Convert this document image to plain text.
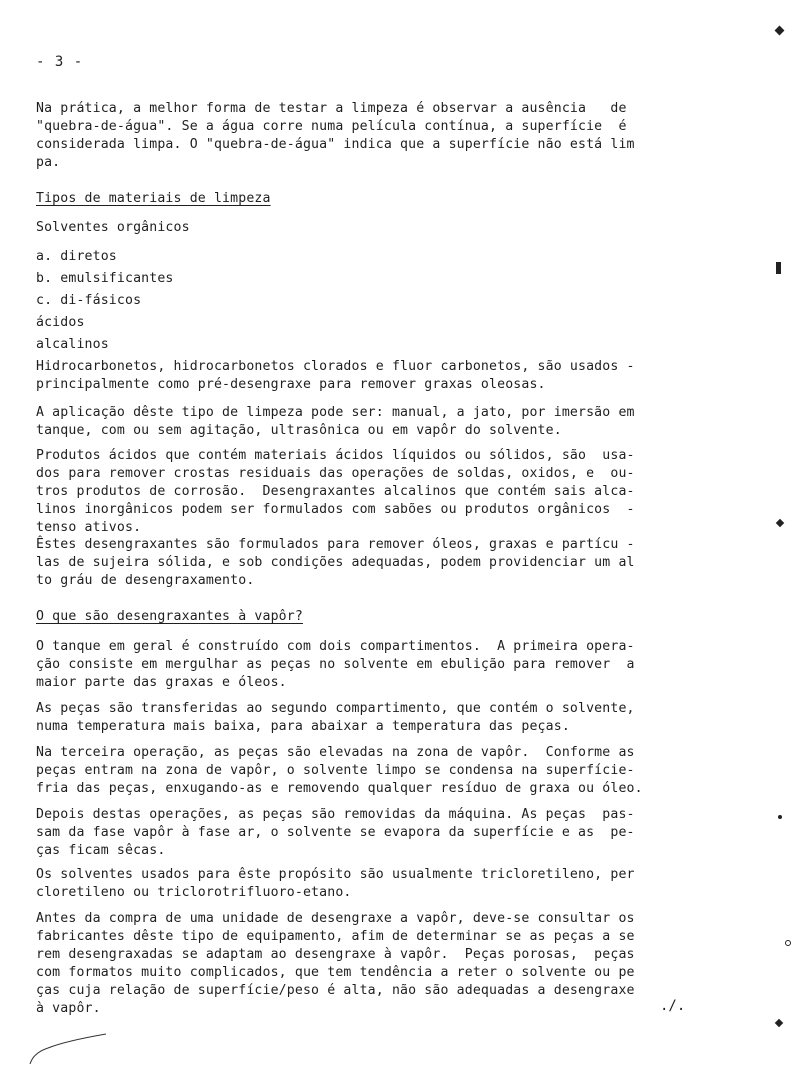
- 3 -
Na prática, a melhor forma de testar a limpeza é observar a ausência   de
"quebra-de-água". Se a água corre numa película contínua, a superfície  é
considerada limpa. O "quebra-de-água" indica que a superfície não está lim
pa.
Tipos de materiais de limpeza
Solventes orgânicos
a. diretos
b. emulsificantes
c. di-fásicos
ácidos
alcalinos
Hidrocarbonetos, hidrocarbonetos clorados e fluor carbonetos, são usados -
principalmente como pré-desengraxe para remover graxas oleosas.
A aplicação dêste tipo de limpeza pode ser: manual, a jato, por imersão em
tanque, com ou sem agitação, ultrasônica ou em vapôr do solvente.
Produtos ácidos que contém materiais ácidos líquidos ou sólidos, são  usa-
dos para remover crostas residuais das operações de soldas, oxidos, e  ou-
tros produtos de corrosão.  Desengraxantes alcalinos que contém sais alca-
linos inorgânicos podem ser formulados com sabões ou produtos orgânicos  -
tenso ativos.
Êstes desengraxantes são formulados para remover óleos, graxas e partícu -
las de sujeira sólida, e sob condições adequadas, podem providenciar um al
to gráu de desengraxamento.
O que são desengraxantes à vapôr?
O tanque em geral é construído com dois compartimentos.  A primeira opera-
ção consiste em mergulhar as peças no solvente em ebulição para remover  a
maior parte das graxas e óleos.
As peças são transferidas ao segundo compartimento, que contém o solvente,
numa temperatura mais baixa, para abaixar a temperatura das peças.
Na terceira operação, as peças são elevadas na zona de vapôr.  Conforme as
peças entram na zona de vapôr, o solvente limpo se condensa na superfície-
fria das peças, enxugando-as e removendo qualquer resíduo de graxa ou óleo.
Depois destas operações, as peças são removidas da máquina. As peças  pas-
sam da fase vapôr à fase ar, o solvente se evapora da superfície e as  pe-
ças ficam sêcas.
Os solventes usados para êste propósito são usualmente tricloretileno, per
cloretileno ou triclorotrifluoro-etano.
Antes da compra de uma unidade de desengraxe a vapôr, deve-se consultar os
fabricantes dêste tipo de equipamento, afim de determinar se as peças a se
rem desengraxadas se adaptam ao desengraxe à vapôr.  Peças porosas,  peças
com formatos muito complicados, que tem tendência a reter o solvente ou pe
ças cuja relação de superfície/peso é alta, não são adequadas a desengraxe
à vapôr.	./.
